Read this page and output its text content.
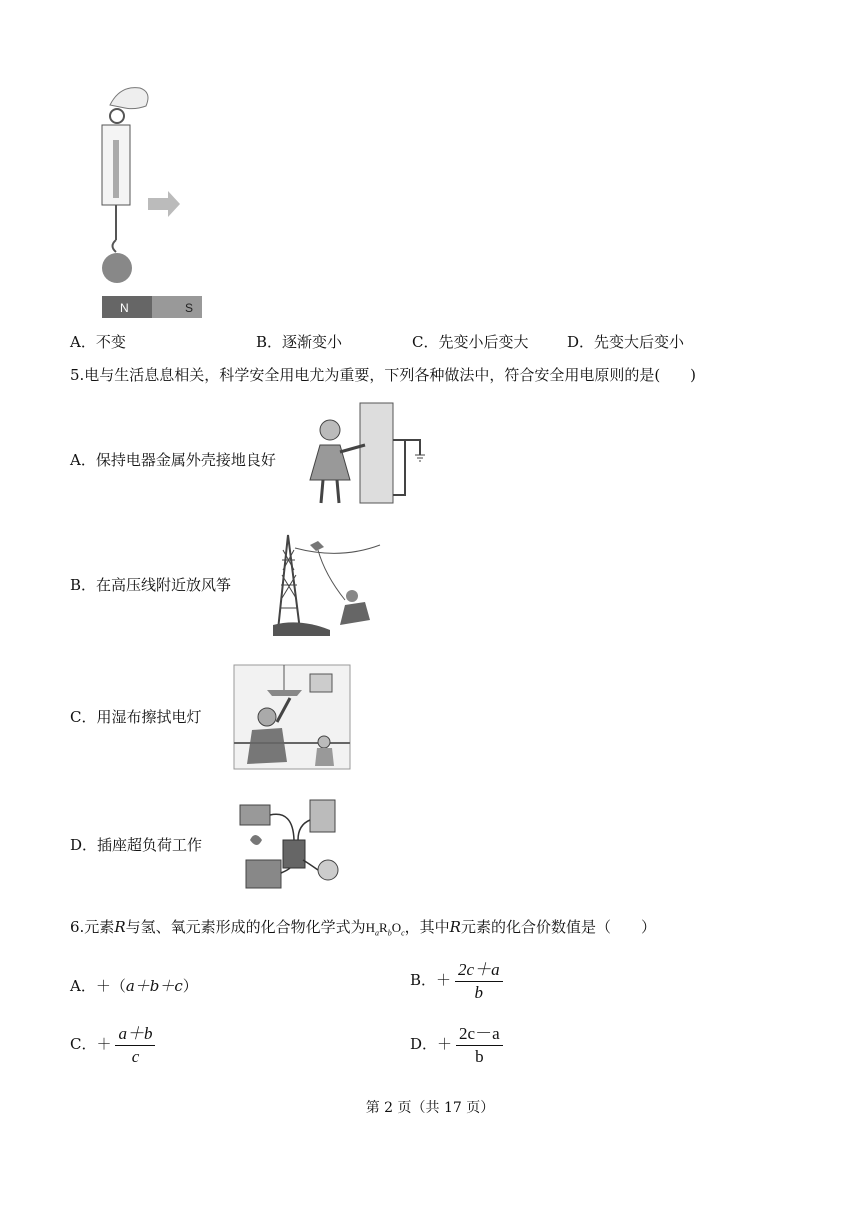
N	S
A．不变	B．逐渐变小	C．先变小后变大	D．先变大后变小
5.电与生活息息相关，科学安全用电尤为重要，下列各种做法中，符合安全用电原则的是(　　)
A．保持电器金属外壳接地良好
B．在高压线附近放风筝
C．用湿布擦拭电灯
D．插座超负荷工作
6.元素R与氢、氧元素形成的化合物化学式为$H_aR_bO_c$，其中R元素的化合价数值是（　　）
A．＋（a＋b＋c）	B．＋ $\frac{2c+a}{b}$
C．＋ $\frac{a+b}{c}$	D．＋ $\frac{2c-a}{b}$
第 2 页（共 17 页）
